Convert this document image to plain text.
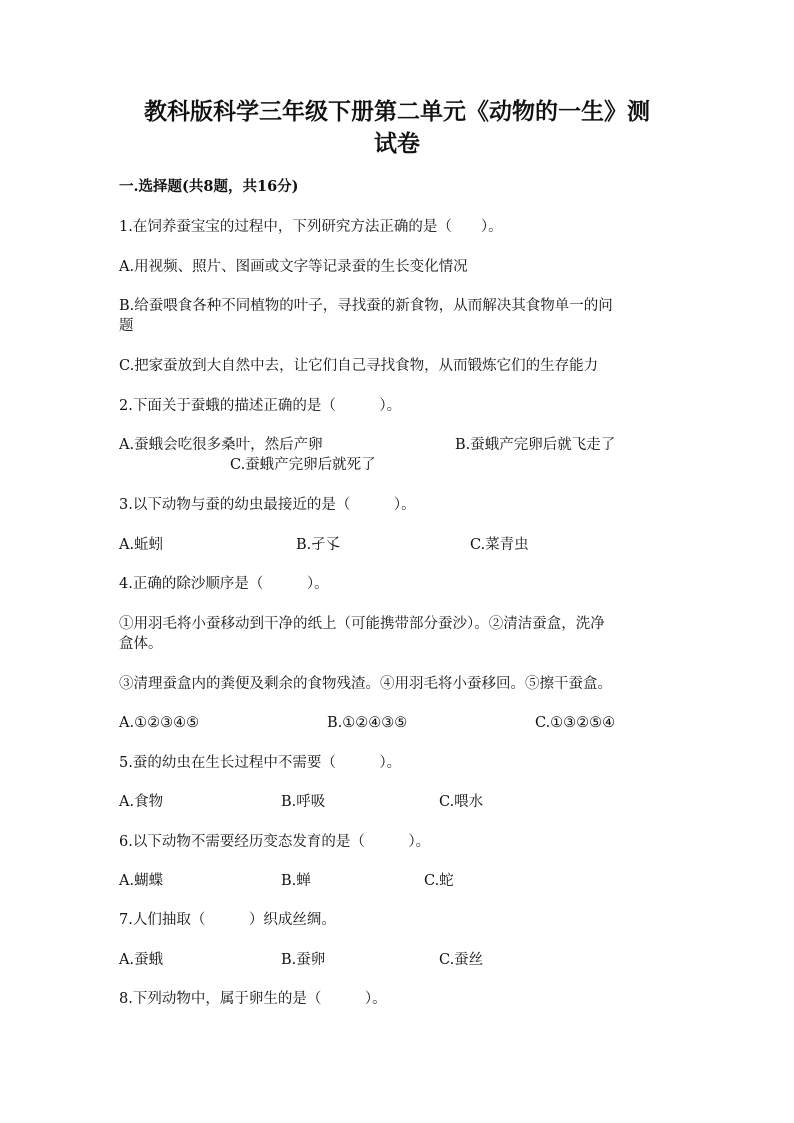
教科版科学三年级下册第二单元《动物的一生》测
试卷
一.选择题(共8题，共16分)
1.在饲养蚕宝宝的过程中，下列研究方法正确的是（　　）。
A.用视频、照片、图画或文字等记录蚕的生长变化情况
B.给蚕喂食各种不同植物的叶子，寻找蚕的新食物，从而解决其食物单一的问
题
C.把家蚕放到大自然中去，让它们自己寻找食物，从而锻炼它们的生存能力
2.下面关于蚕蛾的描述正确的是（　　　）。
A.蚕蛾会吃很多桑叶，然后产卵	B.蚕蛾产完卵后就飞走了
C.蚕蛾产完卵后就死了
3.以下动物与蚕的幼虫最接近的是（　　　）。
A.蚯蚓	B.孑孓	C.菜青虫
4.正确的除沙顺序是（　　　）。
①用羽毛将小蚕移动到干净的纸上（可能携带部分蚕沙）。②清洁蚕盒，洗净
盒体。
③清理蚕盒内的粪便及剩余的食物残渣。④用羽毛将小蚕移回。⑤擦干蚕盒。
A.①②③④⑤	B.①②④③⑤	C.①③②⑤④
5.蚕的幼虫在生长过程中不需要（　　　）。
A.食物	B.呼吸	C.喂水
6.以下动物不需要经历变态发育的是（　　　）。
A.蝴蝶	B.蝉	C.蛇
7.人们抽取（　　　）织成丝绸。
A.蚕蛾	B.蚕卵	C.蚕丝
8.下列动物中，属于卵生的是（　　　）。
